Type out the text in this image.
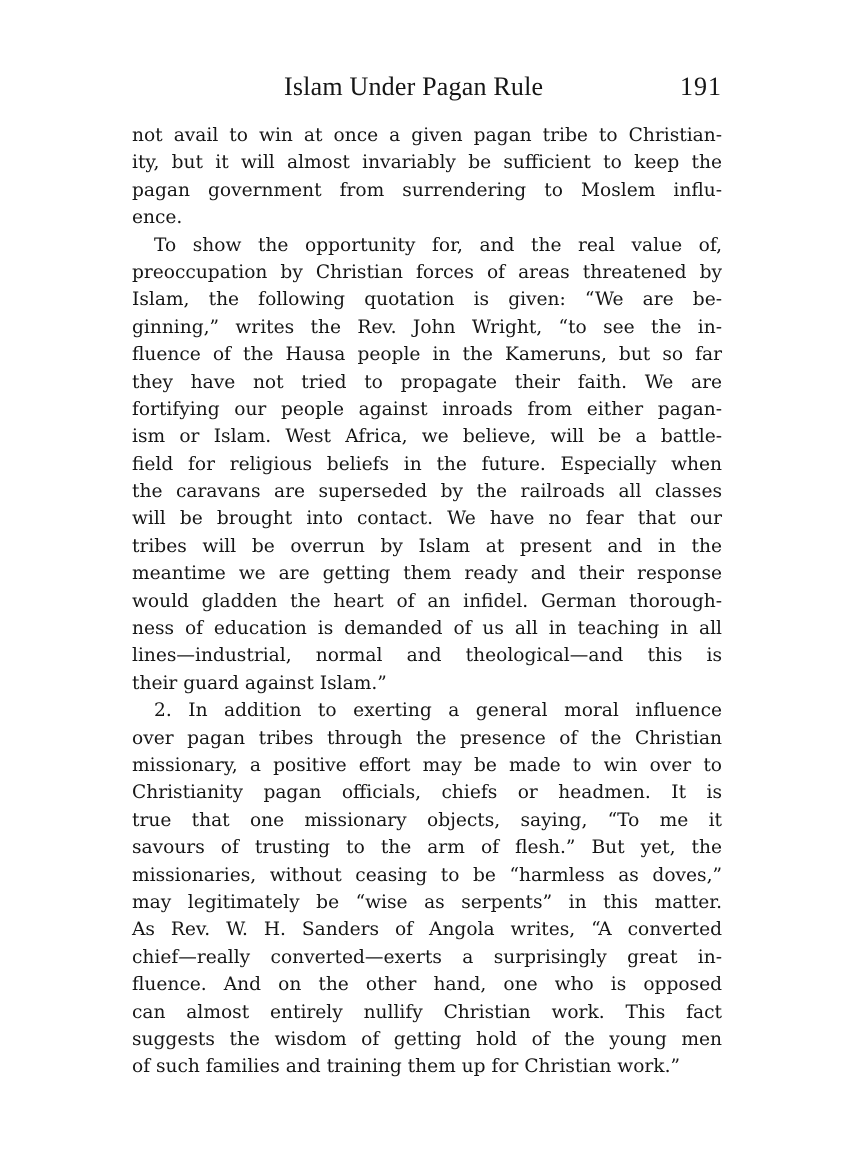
Islam Under Pagan Rule	191
not avail to win at once a given pagan tribe to Christian-
ity, but it will almost invariably be sufficient to keep the
pagan government from surrendering to Moslem influ-
ence.
To show the opportunity for, and the real value of,
preoccupation by Christian forces of areas threatened by
Islam, the following quotation is given: “We are be-
ginning,” writes the Rev. John Wright, “to see the in-
fluence of the Hausa people in the Kameruns, but so far
they have not tried to propagate their faith. We are
fortifying our people against inroads from either pagan-
ism or Islam. West Africa, we believe, will be a battle-
field for religious beliefs in the future. Especially when
the caravans are superseded by the railroads all classes
will be brought into contact. We have no fear that our
tribes will be overrun by Islam at present and in the
meantime we are getting them ready and their response
would gladden the heart of an infidel. German thorough-
ness of education is demanded of us all in teaching in all
lines—industrial, normal and theological—and this is
their guard against Islam.”
2. In addition to exerting a general moral influence
over pagan tribes through the presence of the Christian
missionary, a positive effort may be made to win over to
Christianity pagan officials, chiefs or headmen. It is
true that one missionary objects, saying, “To me it
savours of trusting to the arm of flesh.” But yet, the
missionaries, without ceasing to be “harmless as doves,”
may legitimately be “wise as serpents” in this matter.
As Rev. W. H. Sanders of Angola writes, “A converted
chief—really converted—exerts a surprisingly great in-
fluence. And on the other hand, one who is opposed
can almost entirely nullify Christian work. This fact
suggests the wisdom of getting hold of the young men
of such families and training them up for Christian work.”
